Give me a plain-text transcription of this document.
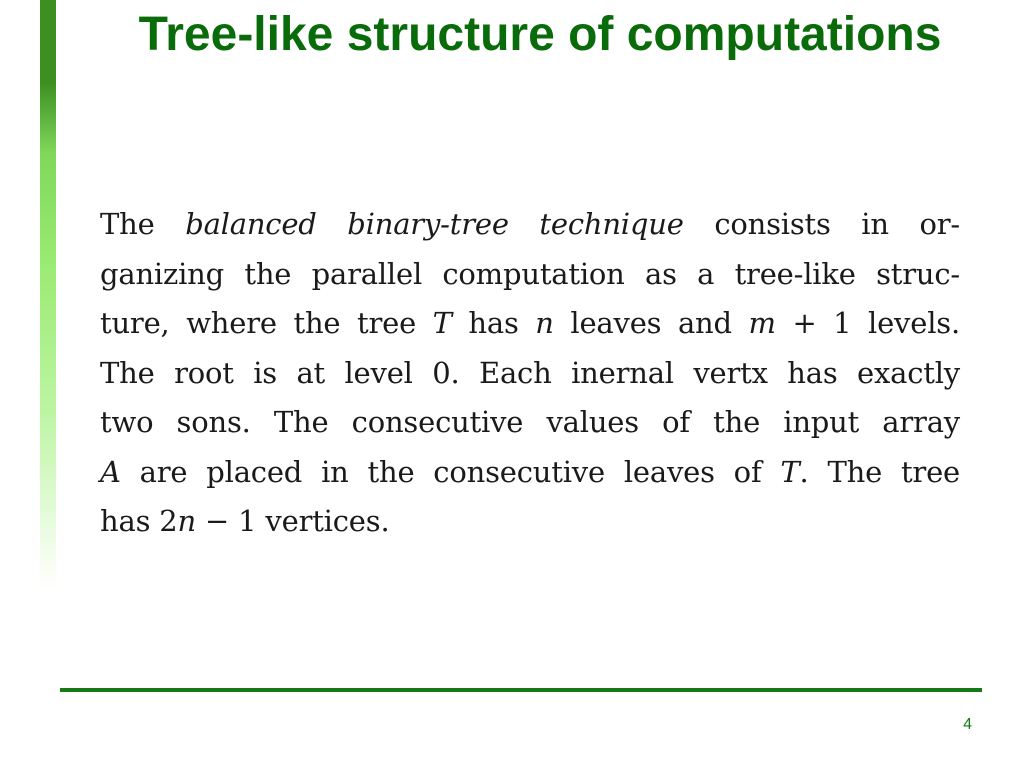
Tree-like structure of computations
The balanced binary-tree technique consists in or-
ganizing the parallel computation as a tree-like struc-
ture, where the tree T has n leaves and m + 1 levels.
The root is at level 0. Each inernal vertx has exactly
two sons. The consecutive values of the input array
A are placed in the consecutive leaves of T. The tree
has 2n − 1 vertices.
4
